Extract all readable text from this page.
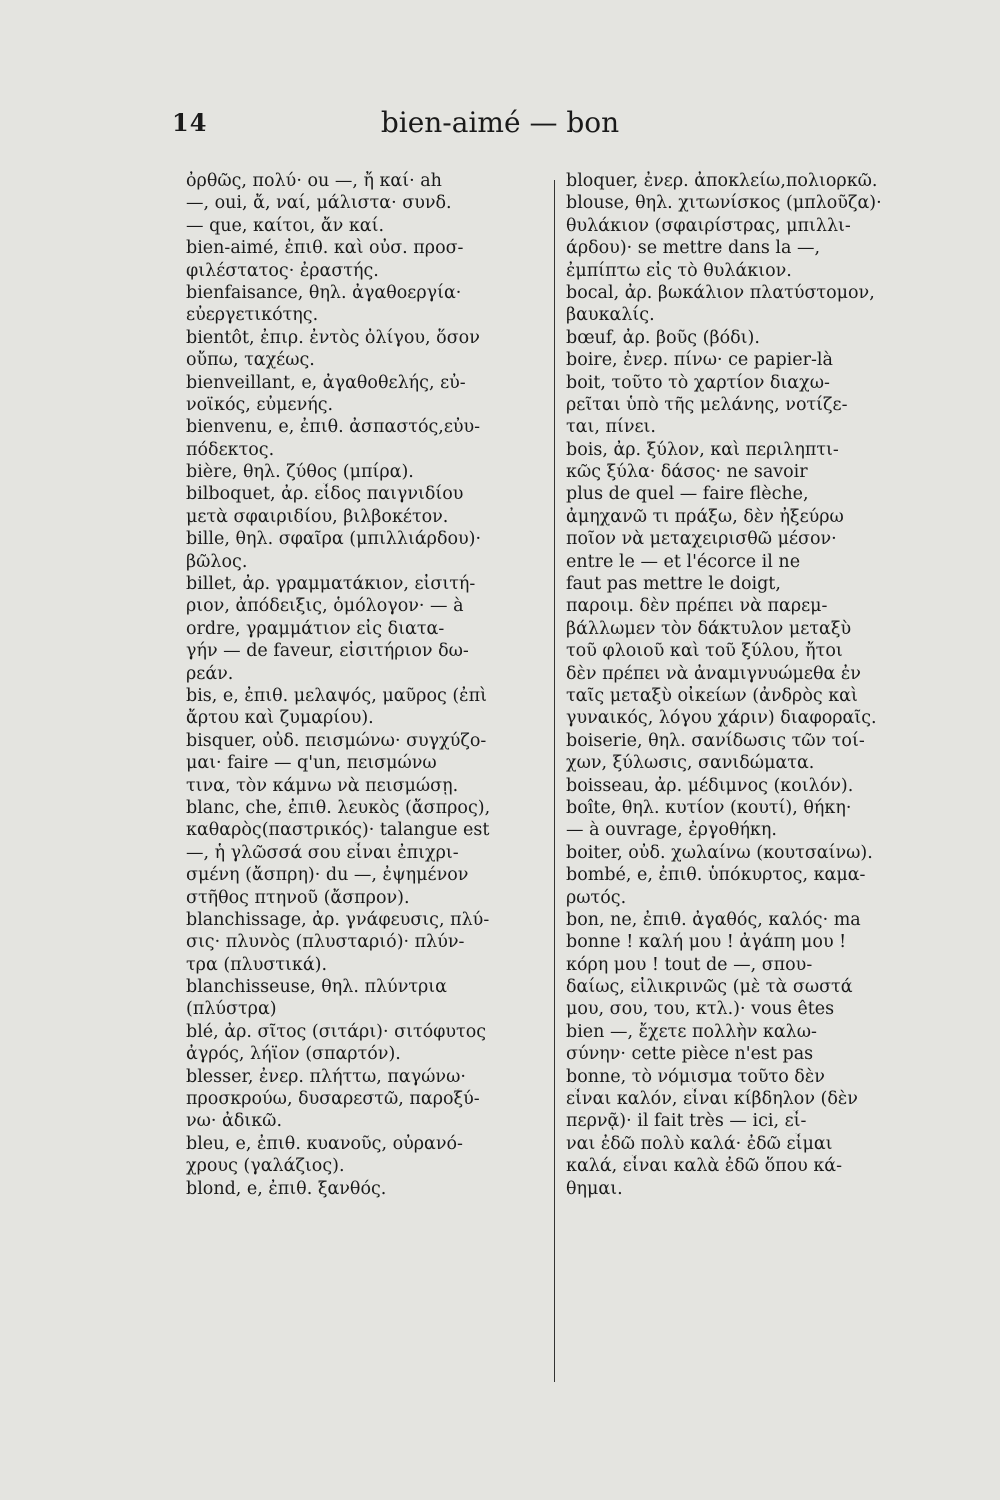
14	bien-aimé — bon
ὀρθῶς, πολύ· ou —, ἤ καί· ah
—, oui, ἄ, ναί, μάλιστα· συνδ.
— que, καίτοι, ἄν καί.
bien-aimé, ἐπιθ. καὶ οὐσ. προσ-
φιλέστατος· ἐραστής.
bienfaisance, θηλ. ἀγαθοεργία·
εὐεργετικότης.
bientôt, ἐπιρ. ἐντὸς ὀλίγου, ὅσον
οὔπω, ταχέως.
bienveillant, e, ἀγαθοθελής, εὐ-
νοϊκός, εὐμενής.
bienvenu, e, ἐπιθ. ἀσπαστός,εὐυ-
πόδεκτος.
bière, θηλ. ζύθος (μπίρα).
bilboquet, ἀρ. εἶδος παιγνιδίου
μετὰ σφαιριδίου, βιλβοκέτον.
bille, θηλ. σφαῖρα (μπιλλιάρδου)·
βῶλος.
billet, ἀρ. γραμματάκιον, εἰσιτή-
ριον, ἀπόδειξις, ὁμόλογον· — à
ordre, γραμμάτιον εἰς διατα-
γήν — de faveur, εἰσιτήριον δω-
ρεάν.
bis, e, ἐπιθ. μελαψός, μαῦρος (ἐπὶ
ἄρτου καὶ ζυμαρίου).
bisquer, οὐδ. πεισμώνω· συγχύζο-
μαι· faire — q'un, πεισμώνω
τινα, τὸν κάμνω νὰ πεισμώσῃ.
blanc, che, ἐπιθ. λευκὸς (ἄσπρος),
καθαρὸς(παστρικός)· talangue est
—, ἡ γλῶσσά σου εἶναι ἐπιχρι-
σμένη (ἄσπρη)· du —, ἐψημένον
στῆθος πτηνοῦ (ἄσπρον).
blanchissage, ἀρ. γνάφευσις, πλύ-
σις· πλυνὸς (πλυσταριό)· πλύν-
τρα (πλυστικά).
blanchisseuse, θηλ. πλύντρια
(πλύστρα)
blé, ἀρ. σῖτος (σιτάρι)· σιτόφυτος
ἀγρός, λήϊον (σπαρτόν).
blesser, ἐνερ. πλήττω, παγώνω·
προσκρούω, δυσαρεστῶ, παροξύ-
νω· ἀδικῶ.
bleu, e, ἐπιθ. κυανοῦς, οὐρανό-
χρους (γαλάζιος).
blond, e, ἐπιθ. ξανθός.
bloquer, ἐνερ. ἀποκλείω,πολιορκῶ.
blouse, θηλ. χιτωνίσκος (μπλοῦζα)·
θυλάκιον (σφαιρίστρας, μπιλλι-
άρδου)· se mettre dans la —,
ἐμπίπτω εἰς τὸ θυλάκιον.
bocal, ἀρ. βωκάλιον πλατύστομον,
βαυκαλίς.
bœuf, ἀρ. βοῦς (βόδι).
boire, ἐνερ. πίνω· ce papier-là
boit, τοῦτο τὸ χαρτίον διαχω-
ρεῖται ὑπὸ τῆς μελάνης, νοτίζε-
ται, πίνει.
bois, ἀρ. ξύλον, καὶ περιληπτι-
κῶς ξύλα· δάσος· ne savoir
plus de quel — faire flèche,
ἀμηχανῶ τι πράξω, δὲν ἠξεύρω
ποῖον νὰ μεταχειρισθῶ μέσον·
entre le — et l'écorce il ne
faut pas mettre le doigt,
παροιμ. δὲν πρέπει νὰ παρεμ-
βάλλωμεν τὸν δάκτυλον μεταξὺ
τοῦ φλοιοῦ καὶ τοῦ ξύλου, ἤτοι
δὲν πρέπει νὰ ἀναμιγνυώμεθα ἐν
ταῖς μεταξὺ οἰκείων (ἀνδρὸς καὶ
γυναικός, λόγου χάριν) διαφοραῖς.
boiserie, θηλ. σανίδωσις τῶν τοί-
χων, ξύλωσις, σανιδώματα.
boisseau, ἀρ. μέδιμνος (κοιλόν).
boîte, θηλ. κυτίον (κουτί), θήκη·
— à ouvrage, ἐργοθήκη.
boiter, οὐδ. χωλαίνω (κουτσαίνω).
bombé, e, ἐπιθ. ὑπόκυρτος, καμα-
ρωτός.
bon, ne, ἐπιθ. ἀγαθός, καλός· ma
bonne ! καλή μου ! ἀγάπη μου !
κόρη μου ! tout de —, σπου-
δαίως, εἰλικρινῶς (μὲ τὰ σωστά
μου, σου, του, κτλ.)· vous êtes
bien —, ἔχετε πολλὴν καλω-
σύνην· cette pièce n'est pas
bonne, τὸ νόμισμα τοῦτο δὲν
εἶναι καλόν, εἶναι κίβδηλον (δὲν
περνᾷ)· il fait très — ici, εἶ-
ναι ἐδῶ πολὺ καλά· ἐδῶ εἶμαι
καλά, εἶναι καλὰ ἐδῶ ὅπου κά-
θημαι.
